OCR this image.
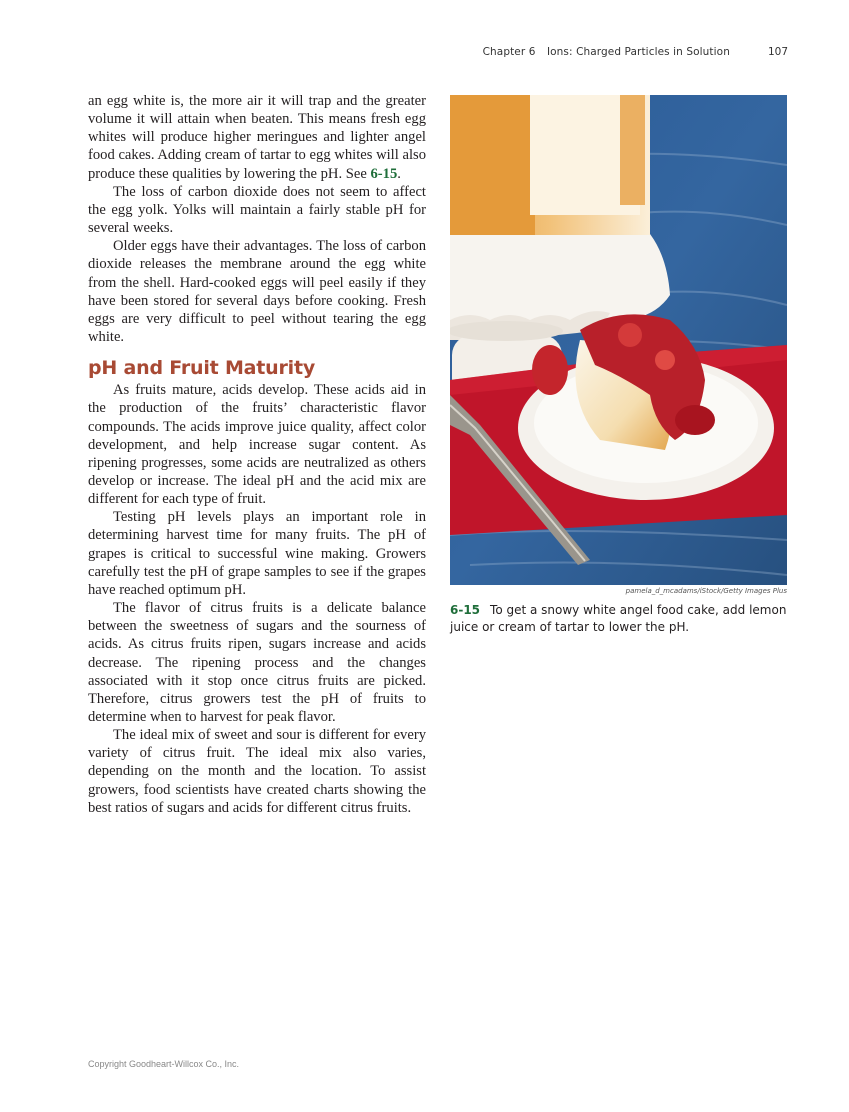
Chapter 6 Ions: Charged Particles in Solution	107

an egg white is, the more air it will trap and the greater volume it will attain when beaten. This means fresh egg whites will produce higher meringues and lighter angel food cakes. Adding cream of tartar to egg whites will also produce these qualities by lowering the pH. See 6-15.

The loss of carbon dioxide does not seem to affect the egg yolk. Yolks will maintain a fairly stable pH for several weeks.

Older eggs have their advantages. The loss of carbon dioxide releases the membrane around the egg white from the shell. Hard-cooked eggs will peel easily if they have been stored for several days before cooking. Fresh eggs are very difficult to peel without tearing the egg white.

pH and Fruit Maturity

As fruits mature, acids develop. These acids aid in the production of the fruits’ characteristic flavor compounds. The acids improve juice quality, affect color development, and help increase sugar content. As ripening progresses, some acids are neutralized as others develop or increase. The ideal pH and the acid mix are different for each type of fruit.

Testing pH levels plays an important role in determining harvest time for many fruits. The pH of grapes is critical to successful wine making. Growers carefully test the pH of grape samples to see if the grapes have reached optimum pH.

The flavor of citrus fruits is a delicate balance between the sweetness of sugars and the sourness of acids. As citrus fruits ripen, sugars increase and acids decrease. The ripening process and the changes associated with it stop once citrus fruits are picked. Therefore, citrus growers test the pH of fruits to determine when to harvest for peak flavor.

The ideal mix of sweet and sour is different for every variety of citrus fruit. The ideal mix also varies, depending on the month and the location. To assist growers, food scientists have created charts showing the best ratios of sugars and acids for different citrus fruits.

pamela_d_mcadams/iStock/Getty Images Plus
6-15 To get a snowy white angel food cake, add lemon juice or cream of tartar to lower the pH.
Copyright Goodheart-Willcox Co., Inc.
